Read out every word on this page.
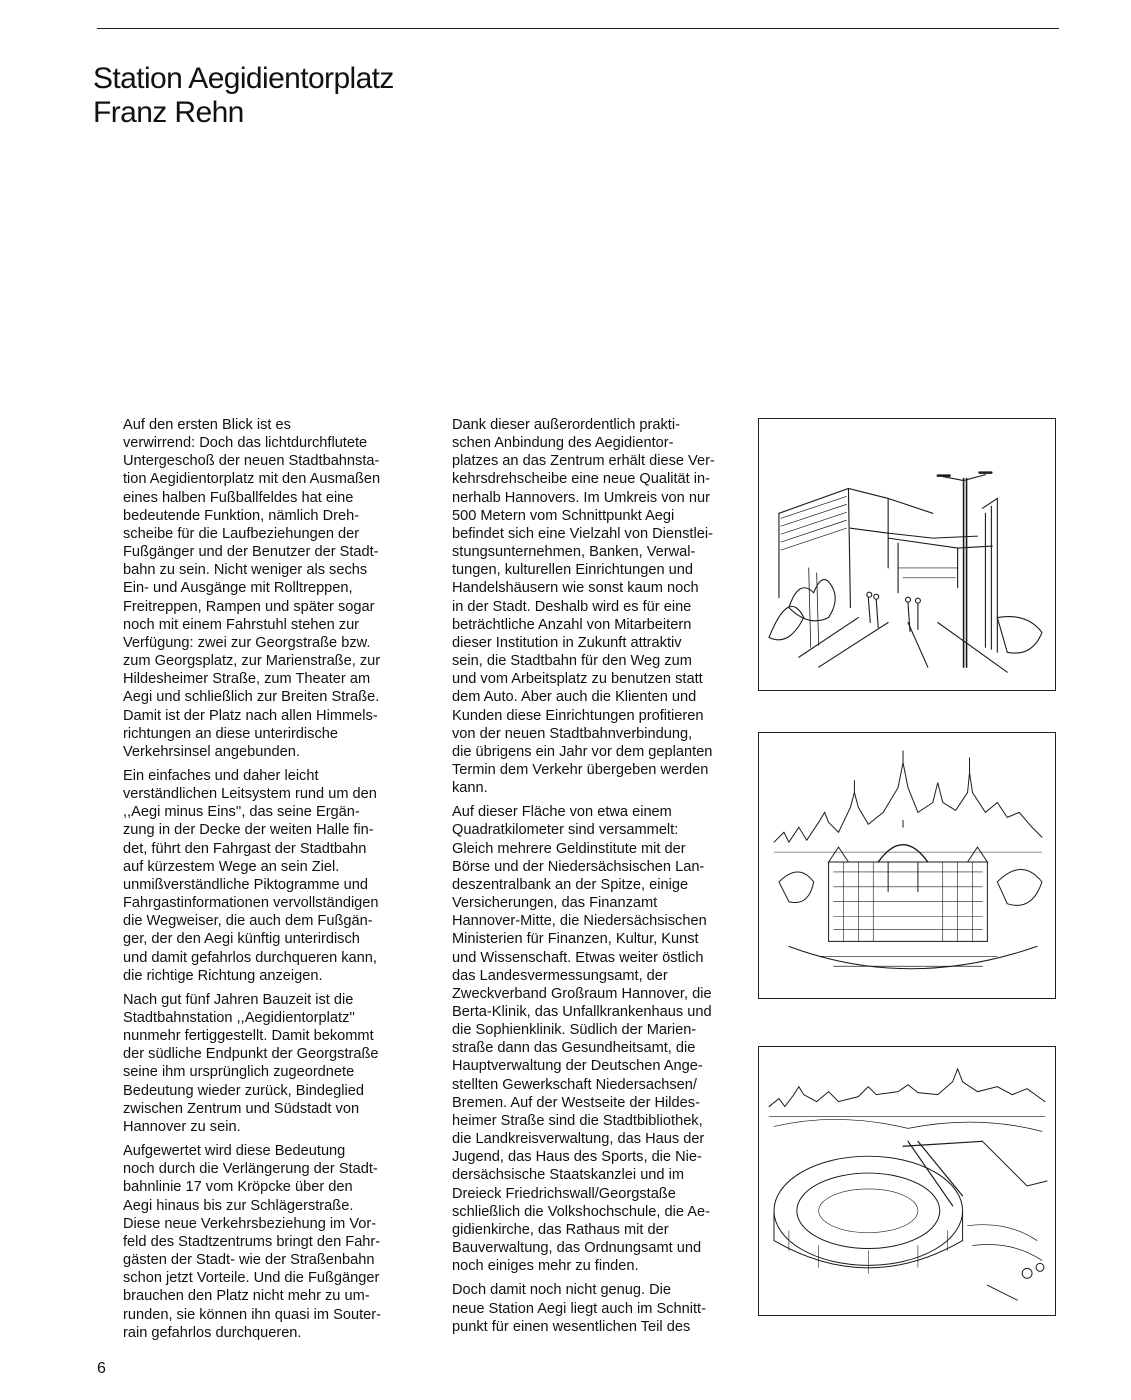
Station Aegidientorplatz
Franz Rehn

Auf den ersten Blick ist es
verwirrend: Doch das lichtdurchflutete
Untergeschoß der neuen Stadtbahnsta-
tion Aegidientorplatz mit den Ausmaßen
eines halben Fußballfeldes hat eine
bedeutende Funktion, nämlich Dreh-
scheibe für die Laufbeziehungen der
Fußgänger und der Benutzer der Stadt-
bahn zu sein. Nicht weniger als sechs
Ein- und Ausgänge mit Rolltreppen,
Freitreppen, Rampen und später sogar
noch mit einem Fahrstuhl stehen zur
Verfügung: zwei zur Georgstraße bzw.
zum Georgsplatz, zur Marienstraße, zur
Hildesheimer Straße, zum Theater am
Aegi und schließlich zur Breiten Straße.
Damit ist der Platz nach allen Himmels-
richtungen an diese unterirdische
Verkehrsinsel angebunden.

Ein einfaches und daher leicht
verständlichen Leitsystem rund um den
,,Aegi minus Eins'', das seine Ergän-
zung in der Decke der weiten Halle fin-
det, führt den Fahrgast der Stadtbahn
auf kürzestem Wege an sein Ziel.
unmißverständliche Piktogramme und
Fahrgastinformationen vervollständigen
die Wegweiser, die auch dem Fußgän-
ger, der den Aegi künftig unterirdisch
und damit gefahrlos durchqueren kann,
die richtige Richtung anzeigen.

Nach gut fünf Jahren Bauzeit ist die
Stadtbahnstation ,,Aegidientorplatz''
nunmehr fertiggestellt. Damit bekommt
der südliche Endpunkt der Georgstraße
seine ihm ursprünglich zugeordnete
Bedeutung wieder zurück, Bindeglied
zwischen Zentrum und Südstadt von
Hannover zu sein.

Aufgewertet wird diese Bedeutung
noch durch die Verlängerung der Stadt-
bahnlinie 17 vom Kröpcke über den
Aegi hinaus bis zur Schlägerstraße.
Diese neue Verkehrsbeziehung im Vor-
feld des Stadtzentrums bringt den Fahr-
gästen der Stadt- wie der Straßenbahn
schon jetzt Vorteile. Und die Fußgänger
brauchen den Platz nicht mehr zu um-
runden, sie können ihn quasi im Souter-
rain gefahrlos durchqueren.

Dank dieser außerordentlich prakti-
schen Anbindung des Aegidientor-
platzes an das Zentrum erhält diese Ver-
kehrsdrehscheibe eine neue Qualität in-
nerhalb Hannovers. Im Umkreis von nur
500 Metern vom Schnittpunkt Aegi
befindet sich eine Vielzahl von Dienstlei-
stungsunternehmen, Banken, Verwal-
tungen, kulturellen Einrichtungen und
Handelshäusern wie sonst kaum noch
in der Stadt. Deshalb wird es für eine
beträchtliche Anzahl von Mitarbeitern
dieser Institution in Zukunft attraktiv
sein, die Stadtbahn für den Weg zum
und vom Arbeitsplatz zu benutzen statt
dem Auto. Aber auch die Klienten und
Kunden diese Einrichtungen profitieren
von der neuen Stadtbahnverbindung,
die übrigens ein Jahr vor dem geplanten
Termin dem Verkehr übergeben werden
kann.

Auf dieser Fläche von etwa einem
Quadratkilometer sind versammelt:
Gleich mehrere Geldinstitute mit der
Börse und der Niedersächsischen Lan-
deszentralbank an der Spitze, einige
Versicherungen, das Finanzamt
Hannover-Mitte, die Niedersächsischen
Ministerien für Finanzen, Kultur, Kunst
und Wissenschaft. Etwas weiter östlich
das Landesvermessungsamt, der
Zweckverband Großraum Hannover, die
Berta-Klinik, das Unfallkrankenhaus und
die Sophienklinik. Südlich der Marien-
straße dann das Gesundheitsamt, die
Hauptverwaltung der Deutschen Ange-
stellten Gewerkschaft Niedersachsen/
Bremen. Auf der Westseite der Hildes-
heimer Straße sind die Stadtbibliothek,
die Landkreisverwaltung, das Haus der
Jugend, das Haus des Sports, die Nie-
dersächsische Staatskanzlei und im
Dreieck Friedrichswall/Georgstaße
schließlich die Volkshochschule, die Ae-
gidienkirche, das Rathaus mit der
Bauverwaltung, das Ordnungsamt und
noch einiges mehr zu finden.

Doch damit noch nicht genug. Die
neue Station Aegi liegt auch im Schnitt-
punkt für einen wesentlichen Teil des

6
